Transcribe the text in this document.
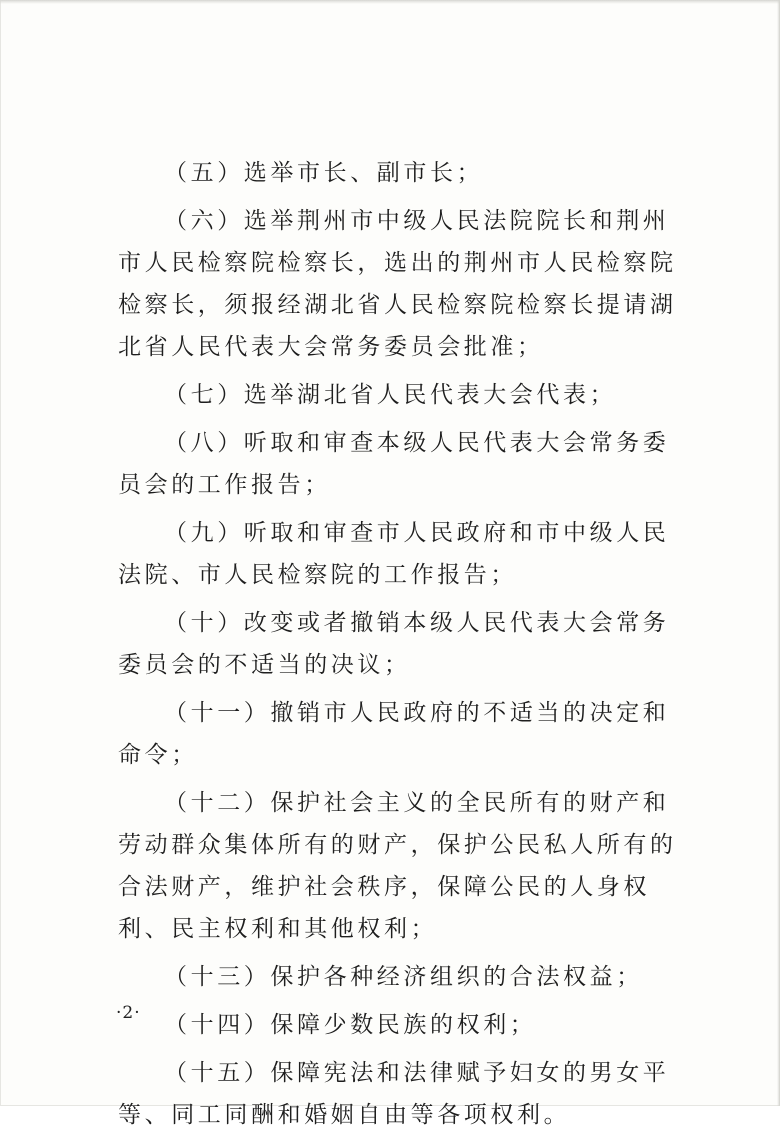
（五）选举市长、副市长；

（六）选举荆州市中级人民法院院长和荆州市人民检察院检察长，选出的荆州市人民检察院检察长，须报经湖北省人民检察院检察长提请湖北省人民代表大会常务委员会批准；

（七）选举湖北省人民代表大会代表；

（八）听取和审查本级人民代表大会常务委员会的工作报告；

（九）听取和审查市人民政府和市中级人民法院、市人民检察院的工作报告；

（十）改变或者撤销本级人民代表大会常务委员会的不适当的决议；

（十一）撤销市人民政府的不适当的决定和命令；

（十二）保护社会主义的全民所有的财产和劳动群众集体所有的财产，保护公民私人所有的合法财产，维护社会秩序，保障公民的人身权利、民主权利和其他权利；

（十三）保护各种经济组织的合法权益；

（十四）保障少数民族的权利；

（十五）保障宪法和法律赋予妇女的男女平等、同工同酬和婚姻自由等各项权利。

·2·
